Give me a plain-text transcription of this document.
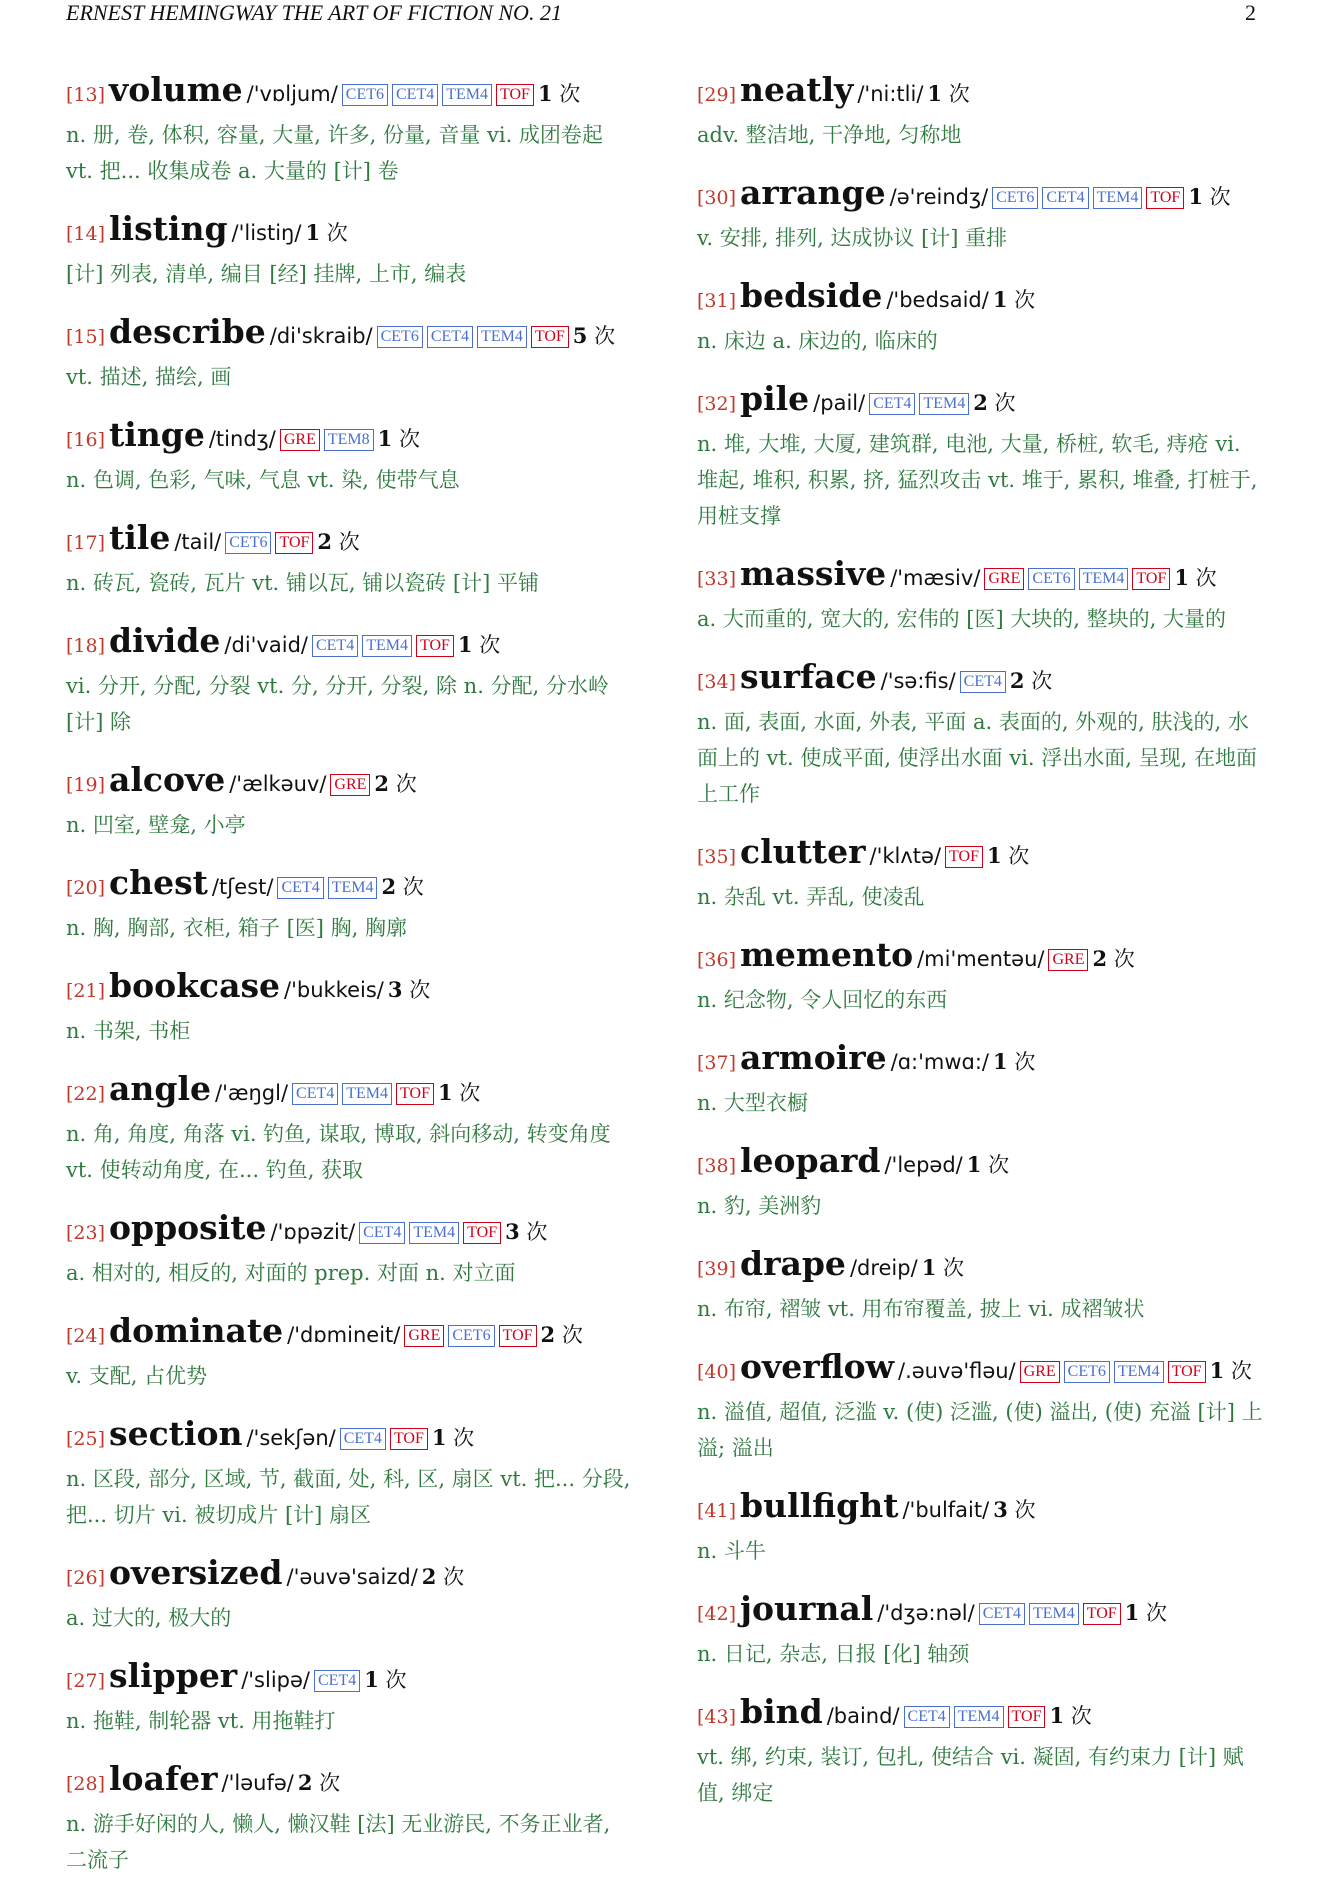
ERNEST HEMINGWAY THE ART OF FICTION NO. 21	2
[13] volume /'vɒljum/ CET6 CET4 TEM4 TOF 1 次
n. 册, 卷, 体积, 容量, 大量, 许多, 份量, 音量 vi. 成团卷起 vt. 把... 收集成卷 a. 大量的 [计] 卷
[14] listing /'listiŋ/ 1 次
[计] 列表, 清单, 编目 [经] 挂牌, 上市, 编表
[15] describe /di'skraib/ CET6 CET4 TEM4 TOF 5 次
vt. 描述, 描绘, 画
[16] tinge /tindʒ/ GRE TEM8 1 次
n. 色调, 色彩, 气味, 气息 vt. 染, 使带气息
[17] tile /tail/ CET6 TOF 2 次
n. 砖瓦, 瓷砖, 瓦片 vt. 铺以瓦, 铺以瓷砖 [计] 平铺
[18] divide /di'vaid/ CET4 TEM4 TOF 1 次
vi. 分开, 分配, 分裂 vt. 分, 分开, 分裂, 除 n. 分配, 分水岭 [计] 除
[19] alcove /'ælkəuv/ GRE 2 次
n. 凹室, 壁龛, 小亭
[20] chest /tʃest/ CET4 TEM4 2 次
n. 胸, 胸部, 衣柜, 箱子 [医] 胸, 胸廓
[21] bookcase /'bukkeis/ 3 次
n. 书架, 书柜
[22] angle /'æŋgl/ CET4 TEM4 TOF 1 次
n. 角, 角度, 角落 vi. 钓鱼, 谋取, 博取, 斜向移动, 转变角度 vt. 使转动角度, 在... 钓鱼, 获取
[23] opposite /'ɒpəzit/ CET4 TEM4 TOF 3 次
a. 相对的, 相反的, 对面的 prep. 对面 n. 对立面
[24] dominate /'dɒmineit/ GRE CET6 TOF 2 次
v. 支配, 占优势
[25] section /'sekʃən/ CET4 TOF 1 次
n. 区段, 部分, 区域, 节, 截面, 处, 科, 区, 扇区 vt. 把... 分段, 把... 切片 vi. 被切成片 [计] 扇区
[26] oversized /'əuvə'saizd/ 2 次
a. 过大的, 极大的
[27] slipper /'slipə/ CET4 1 次
n. 拖鞋, 制轮器 vt. 用拖鞋打
[28] loafer /'ləufə/ 2 次
n. 游手好闲的人, 懒人, 懒汉鞋 [法] 无业游民, 不务正业者, 二流子
[29] neatly /'ni:tli/ 1 次
adv. 整洁地, 干净地, 匀称地
[30] arrange /ə'reindʒ/ CET6 CET4 TEM4 TOF 1 次
v. 安排, 排列, 达成协议 [计] 重排
[31] bedside /'bedsaid/ 1 次
n. 床边 a. 床边的, 临床的
[32] pile /pail/ CET4 TEM4 2 次
n. 堆, 大堆, 大厦, 建筑群, 电池, 大量, 桥桩, 软毛, 痔疮 vi. 堆起, 堆积, 积累, 挤, 猛烈攻击 vt. 堆于, 累积, 堆叠, 打桩于, 用桩支撑
[33] massive /'mæsiv/ GRE CET6 TEM4 TOF 1 次
a. 大而重的, 宽大的, 宏伟的 [医] 大块的, 整块的, 大量的
[34] surface /'sə:fis/ CET4 2 次
n. 面, 表面, 水面, 外表, 平面 a. 表面的, 外观的, 肤浅的, 水面上的 vt. 使成平面, 使浮出水面 vi. 浮出水面, 呈现, 在地面上工作
[35] clutter /'klʌtə/ TOF 1 次
n. 杂乱 vt. 弄乱, 使凌乱
[36] memento /mi'mentəu/ GRE 2 次
n. 纪念物, 令人回忆的东西
[37] armoire /ɑ:'mwɑ:/ 1 次
n. 大型衣橱
[38] leopard /'lepəd/ 1 次
n. 豹, 美洲豹
[39] drape /dreip/ 1 次
n. 布帘, 褶皱 vt. 用布帘覆盖, 披上 vi. 成褶皱状
[40] overflow /.əuvə'fləu/ GRE CET6 TEM4 TOF 1 次
n. 溢值, 超值, 泛滥 v. (使) 泛滥, (使) 溢出, (使) 充溢 [计] 上溢; 溢出
[41] bullfight /'bulfait/ 3 次
n. 斗牛
[42] journal /'dʒə:nəl/ CET4 TEM4 TOF 1 次
n. 日记, 杂志, 日报 [化] 轴颈
[43] bind /baind/ CET4 TEM4 TOF 1 次
vt. 绑, 约束, 装订, 包扎, 使结合 vi. 凝固, 有约束力 [计] 赋值, 绑定
